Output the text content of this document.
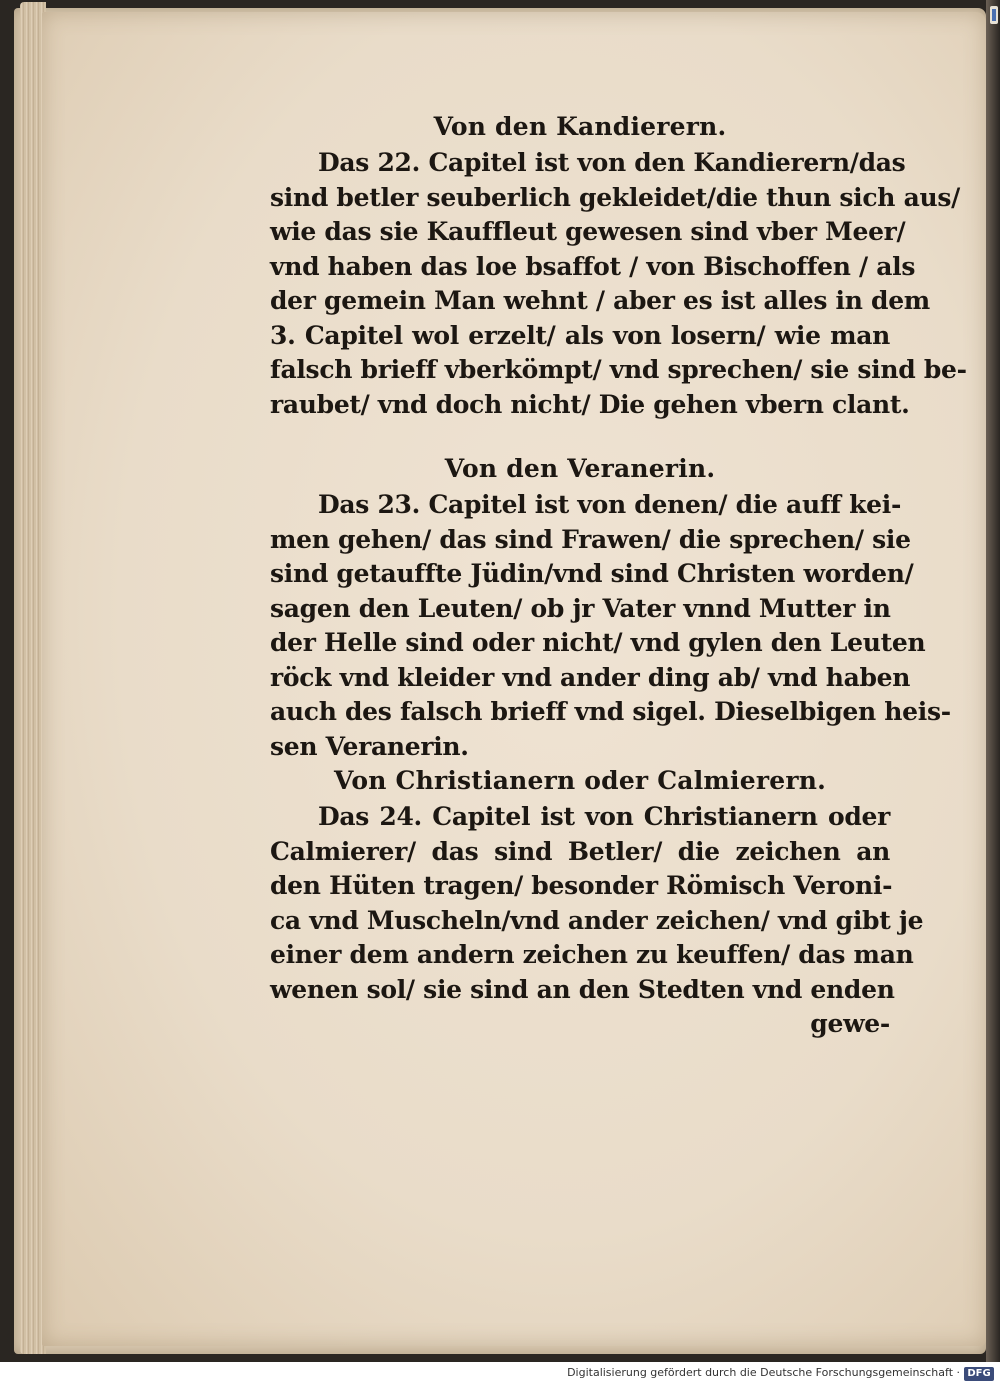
Von den Kandierern.
Das 22. Capitel ist von den Kandierern/das
sind betler seuberlich gekleidet/die thun sich aus/
wie das sie Kauffleut gewesen sind vber Meer/
vnd haben das loe bsaffot / von Bischoffen / als
der gemein Man wehnt / aber es ist alles in dem
3. Capitel wol erzelt/ als von losern/ wie man
falsch brieff vberkömpt/ vnd sprechen/ sie sind be-
raubet/ vnd doch nicht/ Die gehen vbern clant.
Von den Veranerin.
Das 23. Capitel ist von denen/ die auff kei-
men gehen/ das sind Frawen/ die sprechen/ sie
sind getauffte Jüdin/vnd sind Christen worden/
sagen den Leuten/ ob jr Vater vnnd Mutter in
der Helle sind oder nicht/ vnd gylen den Leuten
röck vnd kleider vnd ander ding ab/ vnd haben
auch des falsch brieff vnd sigel. Dieselbigen heis-
sen Veranerin.
Von Christianern oder Calmierern.
Das 24. Capitel ist von Christianern oder
Calmierer/ das sind Betler/ die zeichen an
den Hüten tragen/ besonder Römisch Veroni-
ca vnd Muscheln/vnd ander zeichen/ vnd gibt je
einer dem andern zeichen zu keuffen/ das man
wenen sol/ sie sind an den Stedten vnd enden
gewe-
Digitalisierung gefördert durch die Deutsche Forschungsgemeinschaft · DFG
